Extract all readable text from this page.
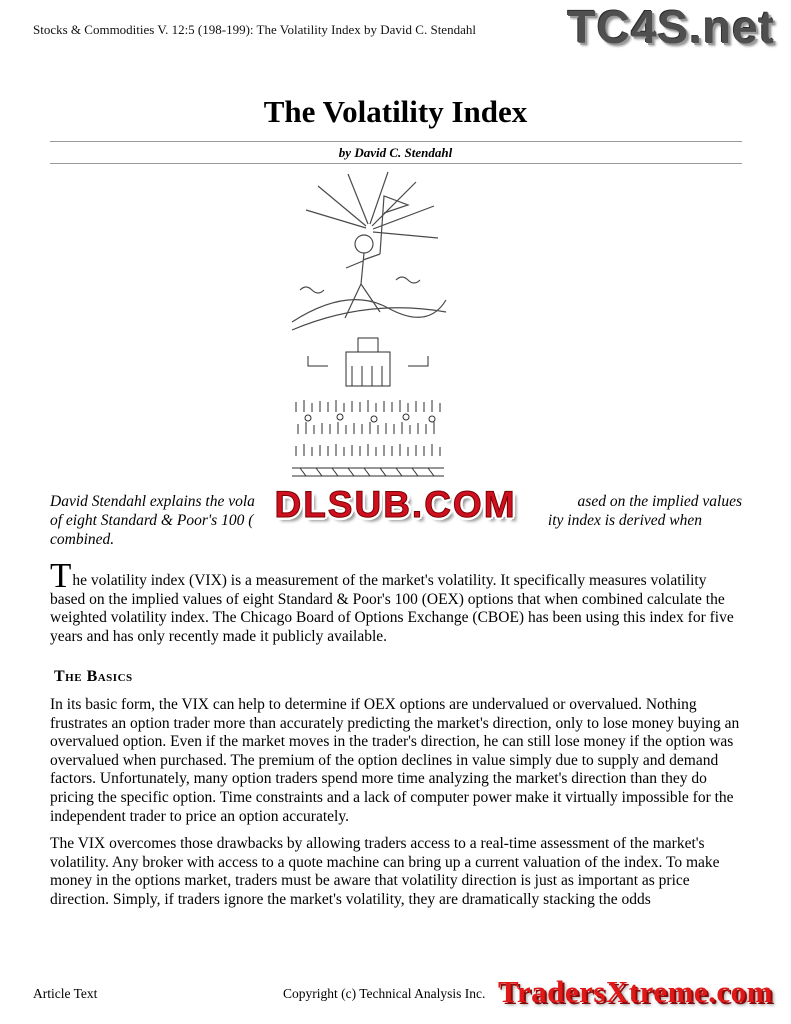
Stocks & Commodities V. 12:5 (198-199): The Volatility Index by David C. Stendahl TC4S.net
The Volatility Index
by David C. Stendahl
David Stendahl explains the vola	ased on the implied values
of eight Standard & Poor's 100 (	ity index is derived when
combined.
DLSUB.COM

The volatility index (VIX) is a measurement of the market's volatility. It specifically measures volatility based on the implied values of eight Standard & Poor's 100 (OEX) options that when combined calculate the weighted volatility index. The Chicago Board of Options Exchange (CBOE) has been using this index for five years and has only recently made it publicly available.

The Basics

In its basic form, the VIX can help to determine if OEX options are undervalued or overvalued. Nothing frustrates an option trader more than accurately predicting the market's direction, only to lose money buying an overvalued option. Even if the market moves in the trader's direction, he can still lose money if the option was overvalued when purchased. The premium of the option declines in value simply due to supply and demand factors. Unfortunately, many option traders spend more time analyzing the market's direction than they do pricing the specific option. Time constraints and a lack of computer power make it virtually impossible for the independent trader to price an option accurately.

The VIX overcomes those drawbacks by allowing traders access to a real-time assessment of the market's volatility. Any broker with access to a quote machine can bring up a current valuation of the index. To make money in the options market, traders must be aware that volatility direction is just as important as price direction. Simply, if traders ignore the market's volatility, they are dramatically stacking the odds

Article Text	Copyright (c) Technical Analysis Inc. TradersXtreme.com
